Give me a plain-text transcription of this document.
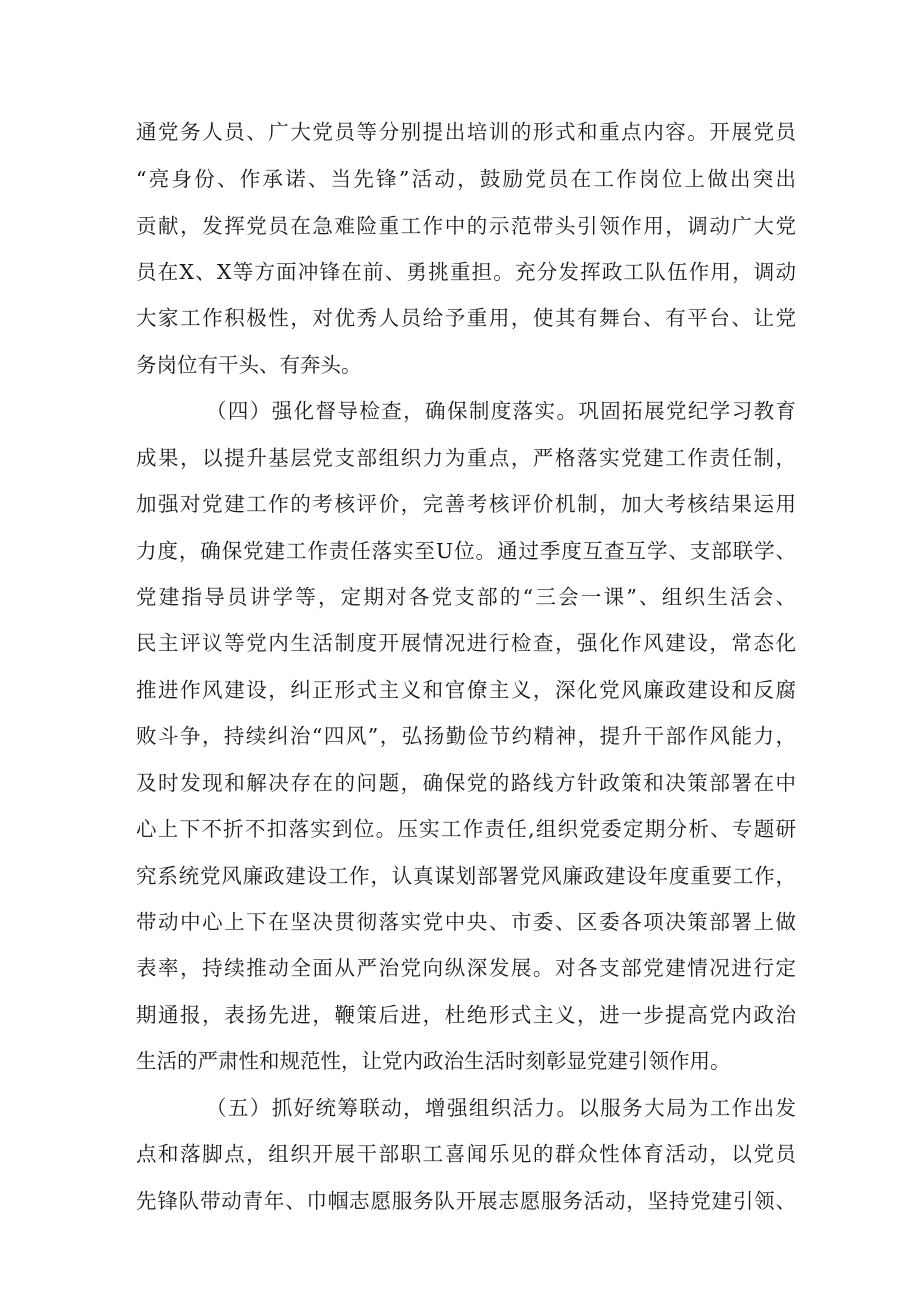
通党务人员、广大党员等分别提出培训的形式和重点内容。开展党员
“亮身份、作承诺、当先锋”活动，鼓励党员在工作岗位上做出突出
贡献，发挥党员在急难险重工作中的示范带头引领作用，调动广大党
员在X、X等方面冲锋在前、勇挑重担。充分发挥政工队伍作用，调动
大家工作积极性，对优秀人员给予重用，使其有舞台、有平台、让党
务岗位有干头、有奔头。
（四）强化督导检查，确保制度落实。巩固拓展党纪学习教育
成果，以提升基层党支部组织力为重点，严格落实党建工作责任制，
加强对党建工作的考核评价，完善考核评价机制，加大考核结果运用
力度，确保党建工作责任落实至U位。通过季度互查互学、支部联学、
党建指导员讲学等，定期对各党支部的“三会一课”、组织生活会、
民主评议等党内生活制度开展情况进行检查，强化作风建设，常态化
推进作风建设，纠正形式主义和官僚主义，深化党风廉政建设和反腐
败斗争，持续纠治“四风”，弘扬勤俭节约精神，提升干部作风能力，
及时发现和解决存在的问题，确保党的路线方针政策和决策部署在中
心上下不折不扣落实到位。压实工作责任,组织党委定期分析、专题研
究系统党风廉政建设工作，认真谋划部署党风廉政建设年度重要工作，
带动中心上下在坚决贯彻落实党中央、市委、区委各项决策部署上做
表率，持续推动全面从严治党向纵深发展。对各支部党建情况进行定
期通报，表扬先进，鞭策后进，杜绝形式主义，进一步提高党内政治
生活的严肃性和规范性，让党内政治生活时刻彰显党建引领作用。
（五）抓好统筹联动，增强组织活力。以服务大局为工作出发
点和落脚点，组织开展干部职工喜闻乐见的群众性体育活动，以党员
先锋队带动青年、巾帼志愿服务队开展志愿服务活动，坚持党建引领、
